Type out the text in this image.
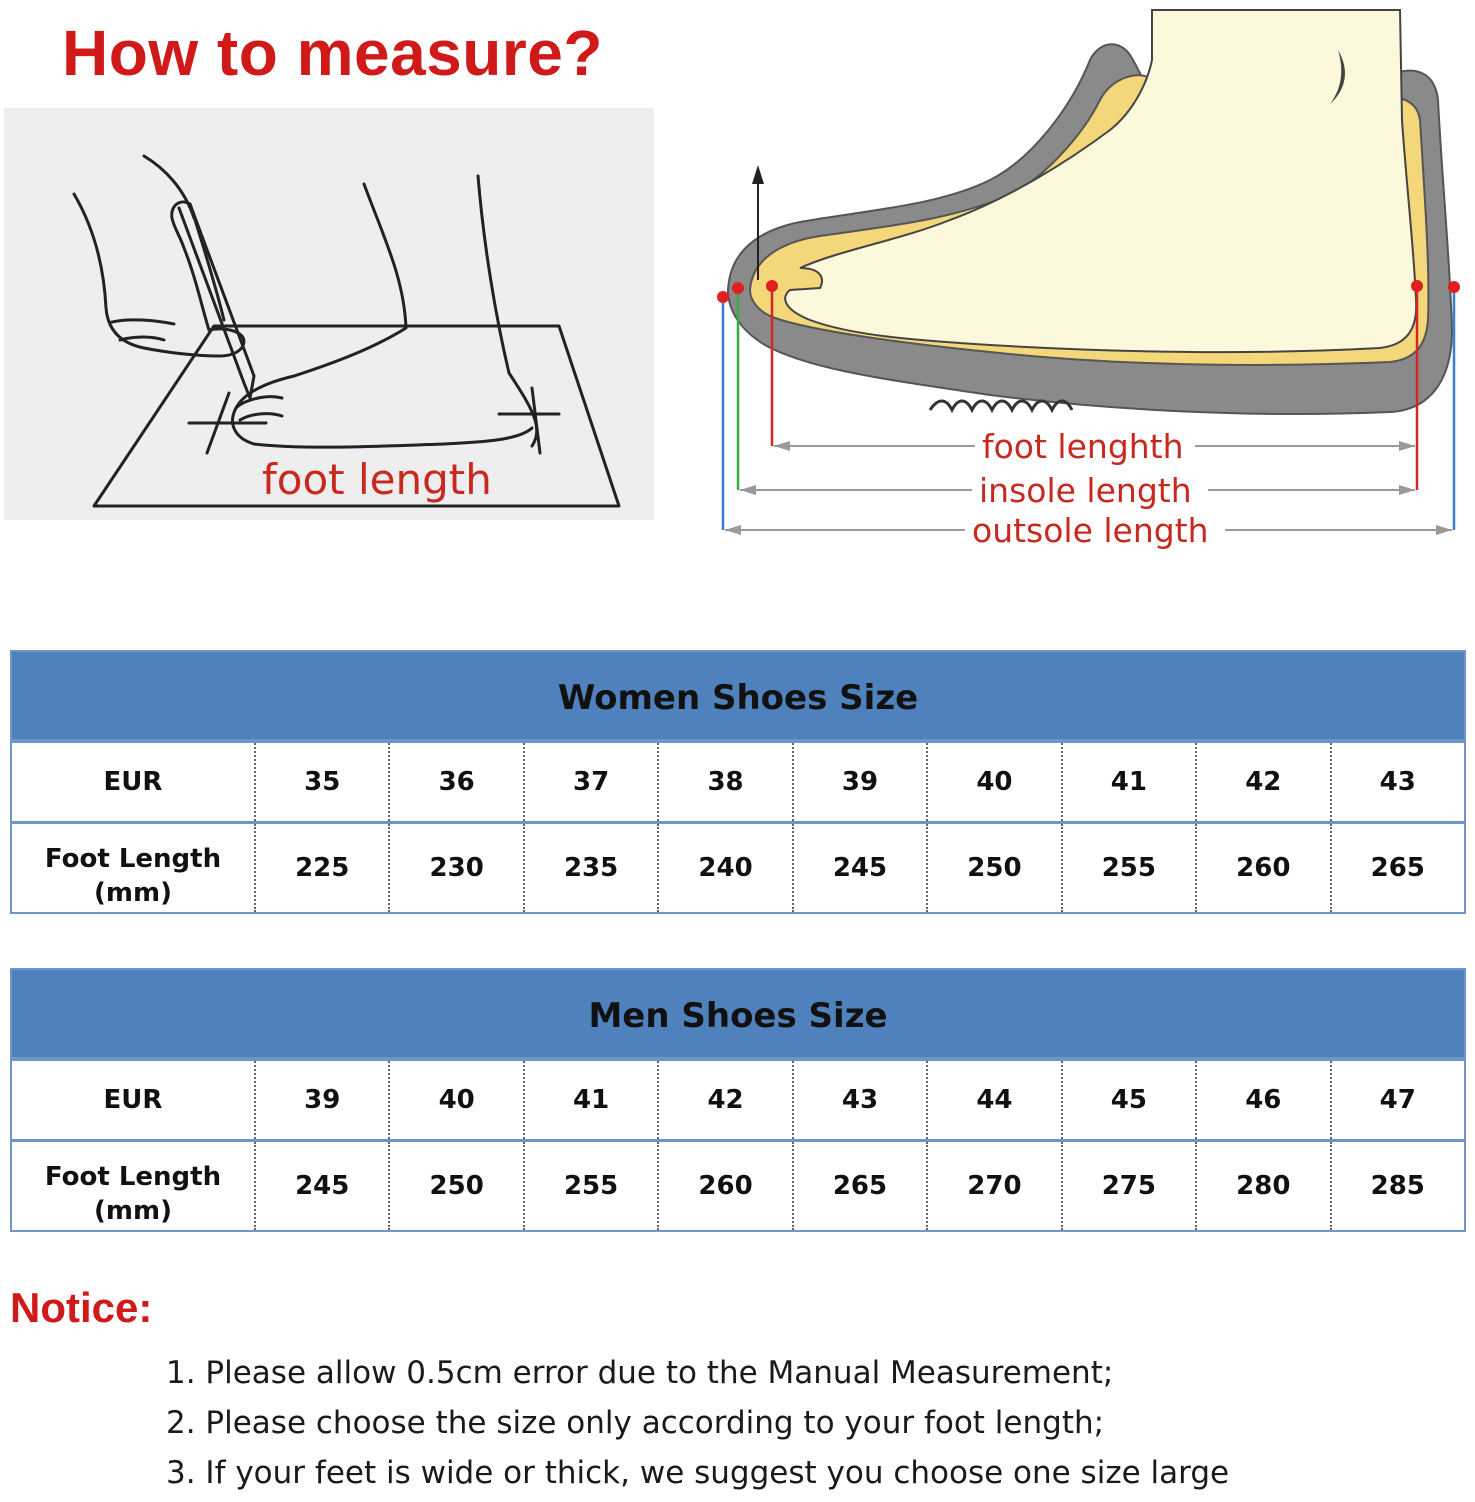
How to measure?
foot length
foot lenghth
insole length
outsole length
Women Shoes Size									
EUR	35	36	37	38	39	40	41	42	43

Foot Length
(mm)	225	230	235	240	245	250	255	260	265
Men Shoes Size									
EUR	39	40	41	42	43	44	45	46	47

Foot Length
(mm)	245	250	255	260	265	270	275	280	285
Notice:
1. Please allow 0.5cm error due to the Manual Measurement;
2. Please choose the size only according to your foot length;
3. If your feet is wide or thick, we suggest you choose one size large
